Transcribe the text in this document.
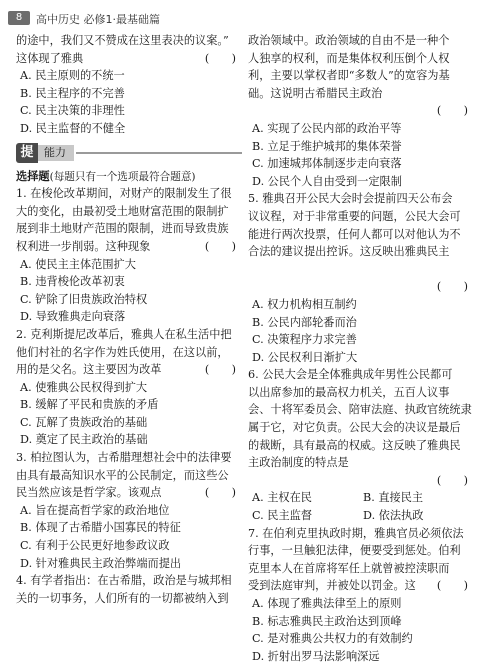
8	高中历史 必修1·最基础篇
的途中，我们又不赞成在这里表决的议案。”
这体现了雅典	(　　)
A. 民主原则的不统一
B. 民主程序的不完善
C. 民主决策的非理性
D. 民主监督的不健全
提 能力
选择题(每题只有一个选项最符合题意)
1. 在梭伦改革期间，对财产的限制发生了很
大的变化，由最初受土地财富范围的限制扩
展到非土地财产范围的限制，进而导致贵族
权利进一步削弱。这种现象	(　　)
A. 使民主主体范围扩大
B. 违背梭伦改革初衷
C. 铲除了旧贵族政治特权
D. 导致雅典走向衰落
2. 克利斯提尼改革后，雅典人在私生活中把
他们村社的名字作为姓氏使用，在这以前，
用的是父名。这主要因为改革	(　　)
A. 使雅典公民权得到扩大
B. 缓解了平民和贵族的矛盾
C. 瓦解了贵族政治的基础
D. 奠定了民主政治的基础
3. 柏拉图认为，古希腊理想社会中的法律要
由具有最高知识水平的公民制定，而这些公
民当然应该是哲学家。该观点	(　　)
A. 旨在提高哲学家的政治地位
B. 体现了古希腊小国寡民的特征
C. 有利于公民更好地参政议政
D. 针对雅典民主政治弊端而提出
4. 有学者指出：在古希腊，政治是与城邦相
关的一切事务，人们所有的一切都被纳入到
政治领域中。政治领域的自由不是一种个
人独享的权利，而是集体权利压倒个人权
利，主要以掌权者即“多数人”的宽容为基
础。这说明古希腊民主政治
(　　)
A. 实现了公民内部的政治平等
B. 立足于维护城邦的集体荣誉
C. 加速城邦体制逐步走向衰落
D. 公民个人自由受到一定限制
5. 雅典召开公民大会时会提前四天公布会
议议程，对于非常重要的问题，公民大会可
能进行两次投票，任何人都可以对他认为不
合法的建议提出控诉。这反映出雅典民主
(　　)
A. 权力机构相互制约
B. 公民内部轮番而治
C. 决策程序力求完善
D. 公民权利日渐扩大
6. 公民大会是全体雅典成年男性公民都可
以出席参加的最高权力机关，五百人议事
会、十将军委员会、陪审法庭、执政官统统隶
属于它，对它负责。公民大会的决议是最后
的裁断，具有最高的权威。这反映了雅典民
主政治制度的特点是
(　　)
A. 主权在民	B. 直接民主
C. 民主监督	D. 依法执政
7. 在伯利克里执政时期，雅典官员必须依法
行事，一旦触犯法律，便要受到惩处。伯利
克里本人在首席将军任上就曾被控渎职而
受到法庭审判，并被处以罚金。这 (　　)
A. 体现了雅典法律至上的原则
B. 标志雅典民主政治达到顶峰
C. 是对雅典公共权力的有效制约
D. 折射出罗马法影响深远
